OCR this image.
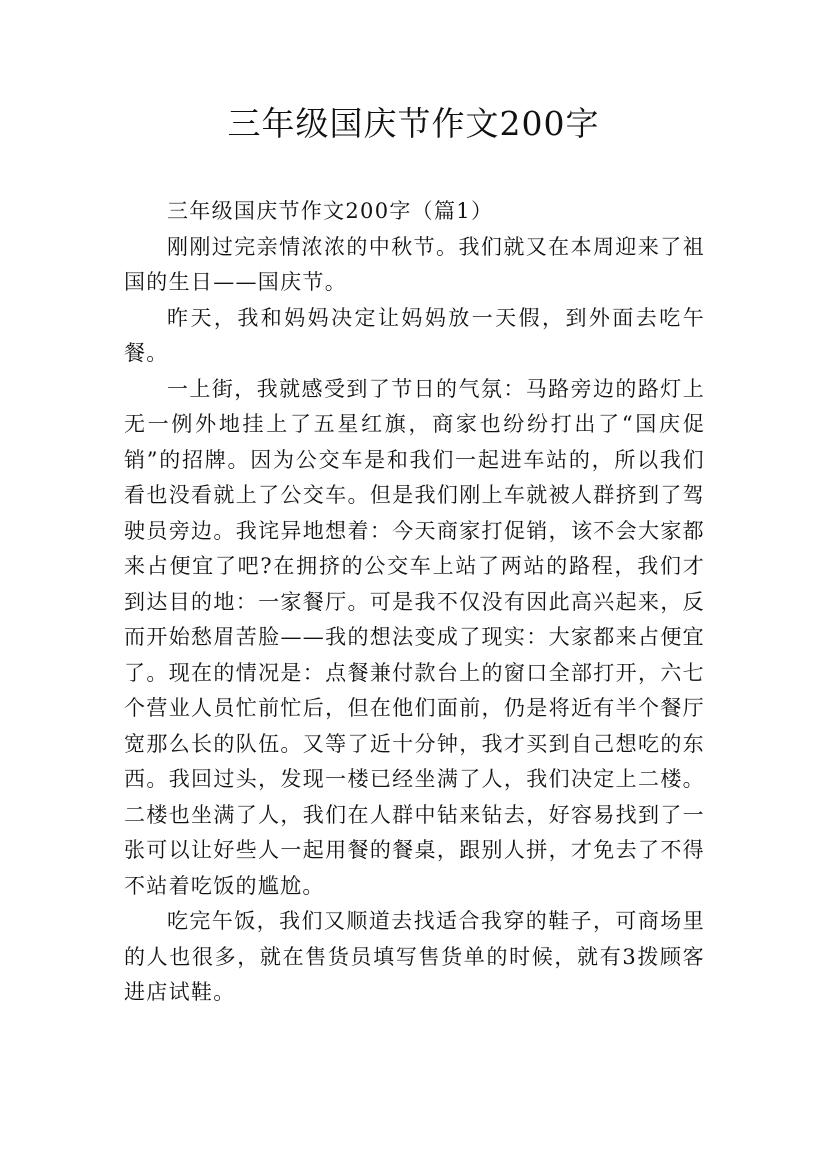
三年级国庆节作文200字

三年级国庆节作文200字（篇1）

刚刚过完亲情浓浓的中秋节。我们就又在本周迎来了祖国的生日——国庆节。

昨天，我和妈妈决定让妈妈放一天假，到外面去吃午餐。

一上街，我就感受到了节日的气氛：马路旁边的路灯上无一例外地挂上了五星红旗，商家也纷纷打出了“国庆促销”的招牌。因为公交车是和我们一起进车站的，所以我们看也没看就上了公交车。但是我们刚上车就被人群挤到了驾驶员旁边。我诧异地想着：今天商家打促销，该不会大家都来占便宜了吧?在拥挤的公交车上站了两站的路程，我们才到达目的地：一家餐厅。可是我不仅没有因此高兴起来，反而开始愁眉苦脸——我的想法变成了现实：大家都来占便宜了。现在的情况是：点餐兼付款台上的窗口全部打开，六七个营业人员忙前忙后，但在他们面前，仍是将近有半个餐厅宽那么长的队伍。又等了近十分钟，我才买到自己想吃的东西。我回过头，发现一楼已经坐满了人，我们决定上二楼。二楼也坐满了人，我们在人群中钻来钻去，好容易找到了一张可以让好些人一起用餐的餐桌，跟别人拼，才免去了不得不站着吃饭的尴尬。

吃完午饭，我们又顺道去找适合我穿的鞋子，可商场里的人也很多，就在售货员填写售货单的时候，就有3拨顾客进店试鞋。
